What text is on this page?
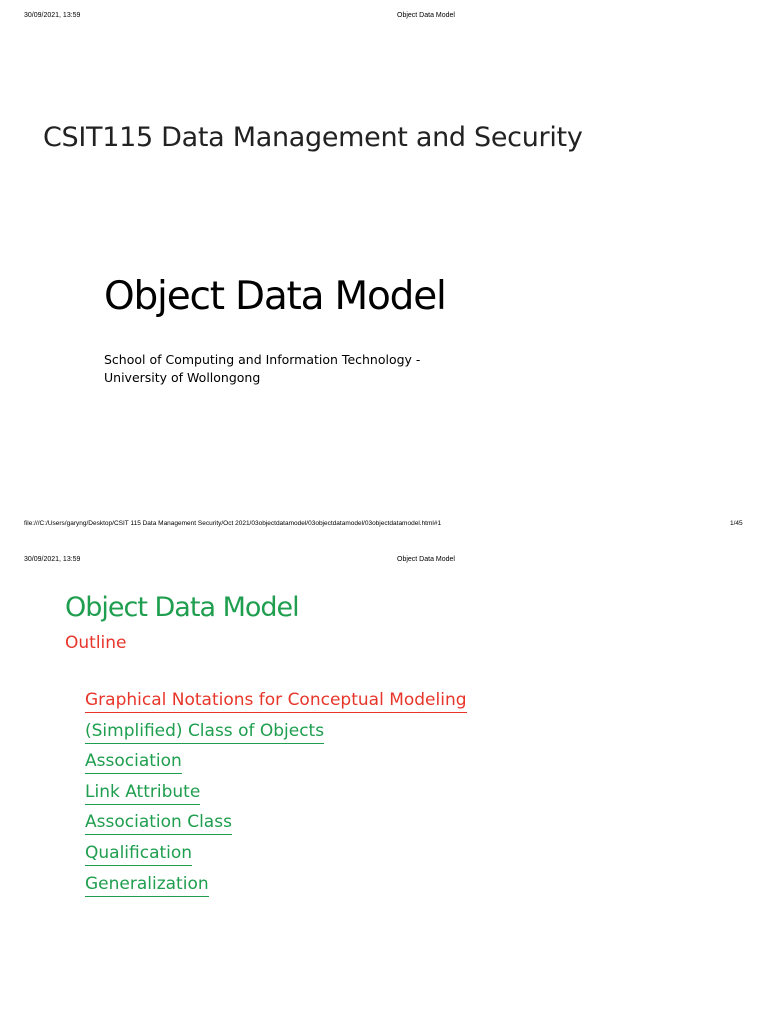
30/09/2021, 13:59	Object Data Model
CSIT115 Data Management and Security
Object Data Model
School of Computing and Information Technology -
University of Wollongong
file:///C:/Users/garyng/Desktop/CSIT 115 Data Management Security/Oct 2021/03objectdatamodel/03objectdatamodel/03objectdatamodel.html#1	1/45
30/09/2021, 13:59	Object Data Model
Object Data Model
Outline
Graphical Notations for Conceptual Modeling
(Simplified) Class of Objects
Association
Link Attribute
Association Class
Qualification
Generalization
